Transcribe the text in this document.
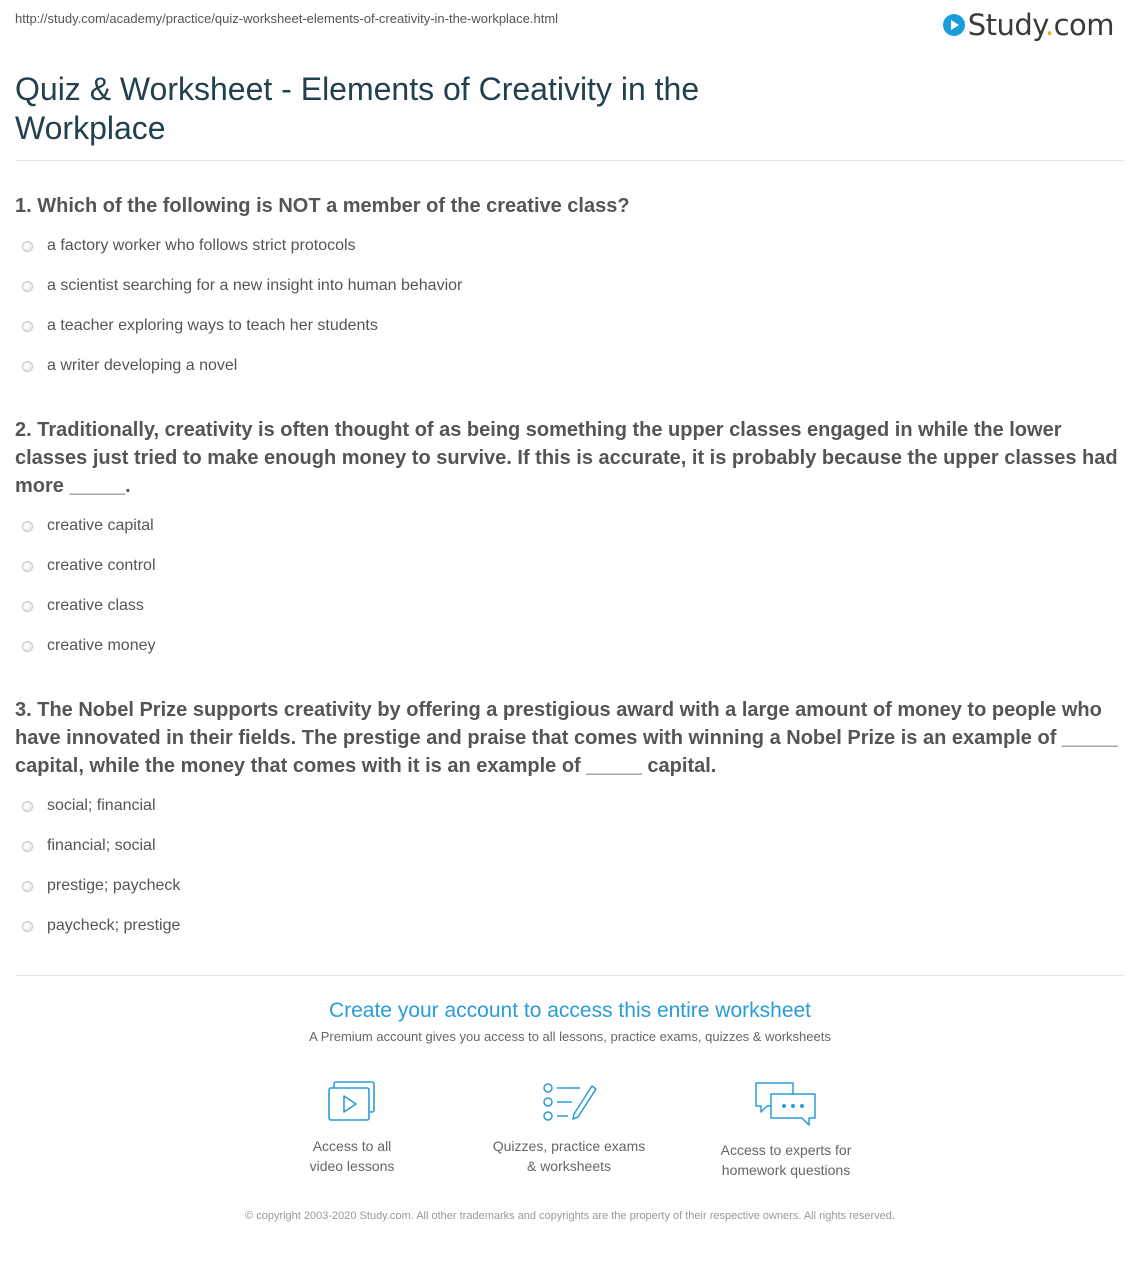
http://study.com/academy/practice/quiz-worksheet-elements-of-creativity-in-the-workplace.html	Study.com
Quiz & Worksheet - Elements of Creativity in the Workplace
1. Which of the following is NOT a member of the creative class?
a factory worker who follows strict protocols
a scientist searching for a new insight into human behavior
a teacher exploring ways to teach her students
a writer developing a novel
2. Traditionally, creativity is often thought of as being something the upper classes engaged in while the lower classes just tried to make enough money to survive. If this is accurate, it is probably because the upper classes had more _____.
creative capital
creative control
creative class
creative money
3. The Nobel Prize supports creativity by offering a prestigious award with a large amount of money to people who have innovated in their fields. The prestige and praise that comes with winning a Nobel Prize is an example of _____ capital, while the money that comes with it is an example of _____ capital.
social; financial
financial; social
prestige; paycheck
paycheck; prestige
Create your account to access this entire worksheet
A Premium account gives you access to all lessons, practice exams, quizzes & worksheets
Access to all
video lessons
Quizzes, practice exams
& worksheets
Access to experts for
homework questions
© copyright 2003-2020 Study.com. All other trademarks and copyrights are the property of their respective owners. All rights reserved.
